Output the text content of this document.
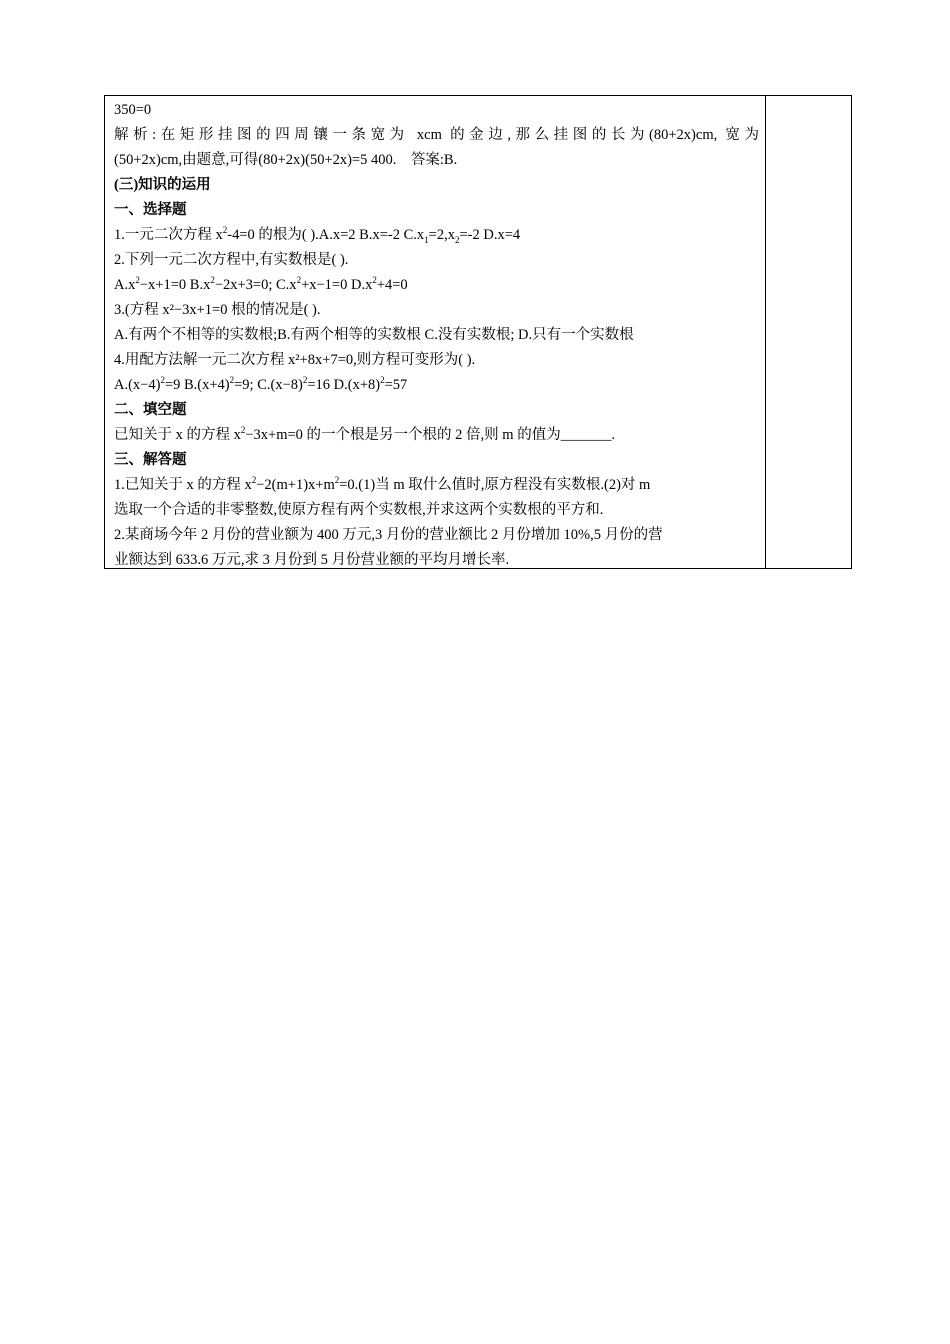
350=0
解析:在矩形挂图的四周镶一条宽为 xcm 的金边,那么挂图的长为(80+2x)cm, 宽为
(50+2x)cm,由题意,可得(80+2x)(50+2x)=5 400.　答案:B.
(三)知识的运用
一、选择题
1.一元二次方程 $x^2-4=0$ 的根为( ).A.x=2 B.x=-2 $C.x_1=2,x_2=-2$ D.x=4
2.下列一元二次方程中,有实数根是( ).
$A.x^2-x+1=0$ $B.x^2-2x+3=0$; $C.x^2+x-1=0$ $D.x^2+4=0$
3.(方程 x²−3x+1=0 根的情况是( ).
A.有两个不相等的实数根;B.有两个相等的实数根 C.没有实数根; D.只有一个实数根
4.用配方法解一元二次方程 x²+8x+7=0,则方程可变形为( ).
$A.(x-4)^2=9$ $B.(x+4)^2=9$; $C.(x-8)^2=16$ $D.(x+8)^2=57$
二、填空题
已知关于 x 的方程 $x^2-3x+m=0$ 的一个根是另一个根的 2 倍,则 m 的值为_______.
三、解答题
1.已知关于 x 的方程 $x^2-2(m+1)x+m^2=0.(1)$当 m 取什么值时,原方程没有实数根.(2)对 m
选取一个合适的非零整数,使原方程有两个实数根,并求这两个实数根的平方和.
2.某商场今年 2 月份的营业额为 400 万元,3 月份的营业额比 2 月份增加 10%,5 月份的营
业额达到 633.6 万元,求 3 月份到 5 月份营业额的平均月增长率.
